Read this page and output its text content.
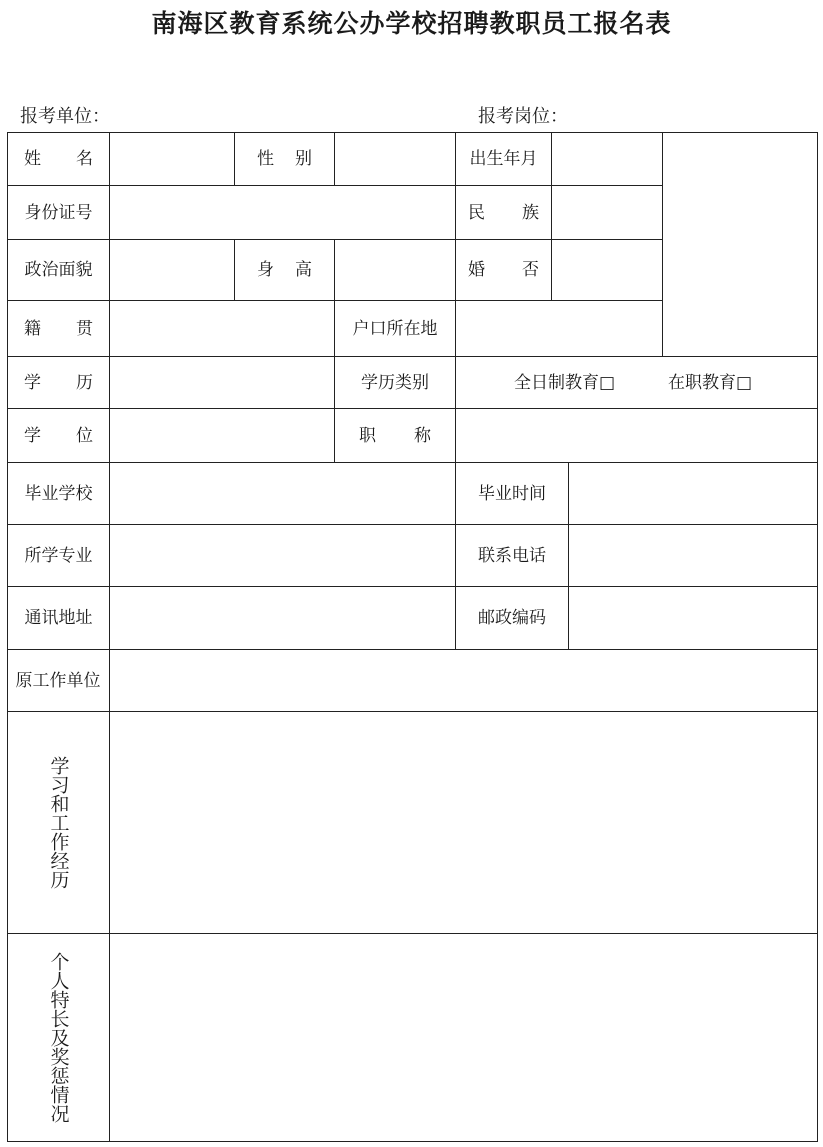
南海区教育系统公办学校招聘教职员工报名表
报考单位：	报考岗位：
姓 名	性 别	出生年月
身份证号	民 族
政治面貌	身 高	婚 否
籍 贯	户口所在地
学 历	学历类别	全日制教育□	在职教育□
学 位	职 称
毕业学校	毕业时间
所学专业	联系电话
通讯地址	邮政编码
原工作单位
学习和工作经历
个人特长及奖惩情况
